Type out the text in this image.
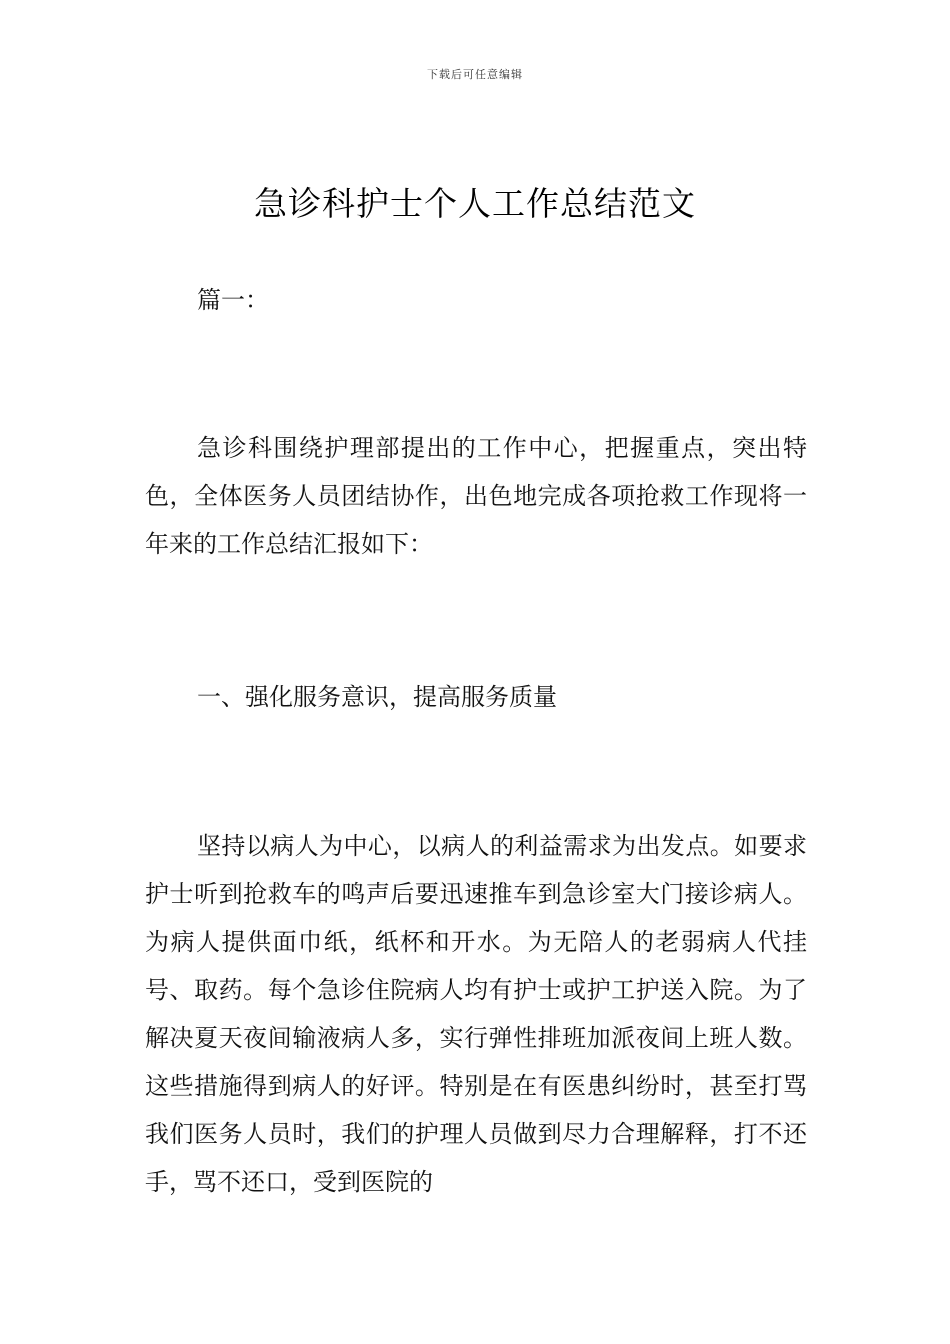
下载后可任意编辑
急诊科护士个人工作总结范文

篇一：

急诊科围绕护理部提出的工作中心，把握重点，突出特色，全体医务人员团结协作，出色地完成各项抢救工作现将一年来的工作总结汇报如下：

一、强化服务意识，提高服务质量

坚持以病人为中心，以病人的利益需求为出发点。如要求护士听到抢救车的鸣声后要迅速推车到急诊室大门接诊病人。为病人提供面巾纸，纸杯和开水。为无陪人的老弱病人代挂号、取药。每个急诊住院病人均有护士或护工护送入院。为了解决夏天夜间输液病人多，实行弹性排班加派夜间上班人数。这些措施得到病人的好评。特别是在有医患纠纷时，甚至打骂我们医务人员时，我们的护理人员做到尽力合理解释，打不还手，骂不还口，受到医院的
